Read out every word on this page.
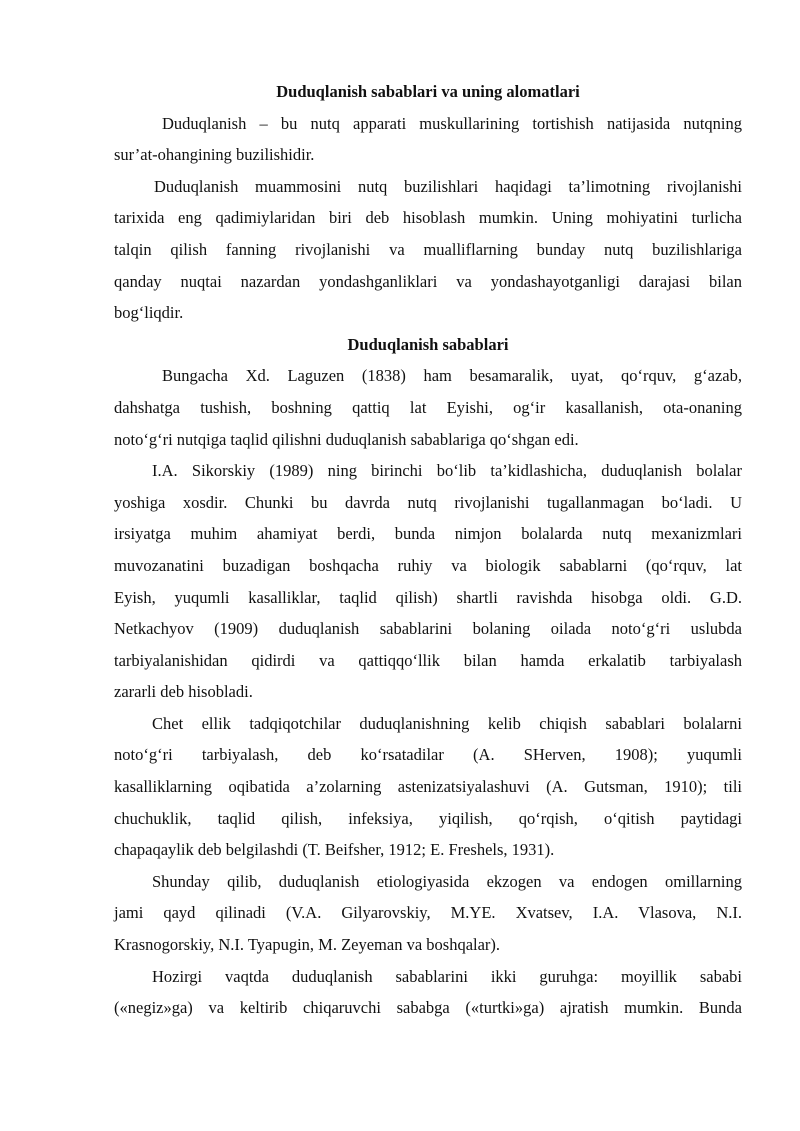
Duduqlanish sabablari va uning alomatlari
Duduqlanish – bu nutq apparati muskullarining tortishish natijasida nutqning
sur’at-ohangining buzilishidir.
Duduqlanish muammosini nutq buzilishlari haqidagi ta’limotning rivojlanishi
tarixida eng qadimiylaridan biri deb hisoblash mumkin. Uning mohiyatini turlicha
talqin qilish fanning rivojlanishi va mualliflarning bunday nutq buzilishlariga
qanday nuqtai nazardan yondashganliklari va yondashayotganligi darajasi bilan
bog‘liqdir.
Duduqlanish sabablari
Bungacha Xd. Laguzen (1838) ham besamaralik, uyat, qo‘rquv, g‘azab,
dahshatga tushish, boshning qattiq lat Eyishi, og‘ir kasallanish, ota-onaning
noto‘g‘ri nutqiga taqlid qilishni duduqlanish sabablariga qo‘shgan edi.
I.A. Sikorskiy (1989) ning birinchi bo‘lib ta’kidlashicha, duduqlanish bolalar
yoshiga xosdir. Chunki bu davrda nutq rivojlanishi tugallanmagan bo‘ladi. U
irsiyatga muhim ahamiyat berdi, bunda nimjon bolalarda nutq mexanizmlari
muvozanatini buzadigan boshqacha ruhiy va biologik sabablarni (qo‘rquv, lat
Eyish, yuqumli kasalliklar, taqlid qilish) shartli ravishda hisobga oldi. G.D.
Netkachyov (1909) duduqlanish sabablarini bolaning oilada noto‘g‘ri uslubda
tarbiyalanishidan qidirdi va qattiqqo‘llik bilan hamda erkalatib tarbiyalash
zararli deb hisobladi.
Chet ellik tadqiqotchilar duduqlanishning kelib chiqish sabablari bolalarni
noto‘g‘ri tarbiyalash, deb ko‘rsatadilar (A. SHerven, 1908); yuqumli
kasalliklarning oqibatida a’zolarning astenizatsiyalashuvi (A. Gutsman, 1910); tili
chuchuklik, taqlid qilish, infeksiya, yiqilish, qo‘rqish, o‘qitish paytidagi
chapaqaylik deb belgilashdi (T. Beifsher, 1912; E. Freshels, 1931).
Shunday qilib, duduqlanish etiologiyasida ekzogen va endogen omillarning
jami qayd qilinadi (V.A. Gilyarovskiy, M.YE. Xvatsev, I.A. Vlasova, N.I.
Krasnogorskiy, N.I. Tyapugin, M. Zeyeman va boshqalar).
Hozirgi vaqtda duduqlanish sabablarini ikki guruhga: moyillik sababi
(«negiz»ga) va keltirib chiqaruvchi sababga («turtki»ga) ajratish mumkin. Bunda
